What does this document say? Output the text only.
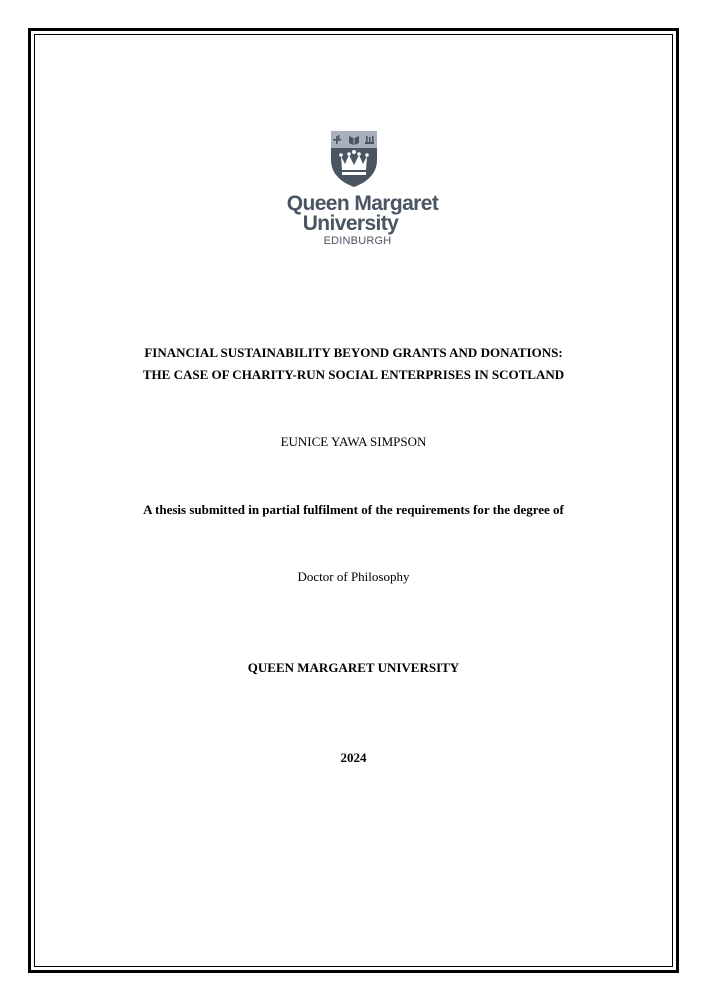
Queen Margaret
University
EDINBURGH
FINANCIAL SUSTAINABILITY BEYOND GRANTS AND DONATIONS:
THE CASE OF CHARITY-RUN SOCIAL ENTERPRISES IN SCOTLAND
EUNICE YAWA SIMPSON
A thesis submitted in partial fulfilment of the requirements for the degree of
Doctor of Philosophy
QUEEN MARGARET UNIVERSITY
2024
